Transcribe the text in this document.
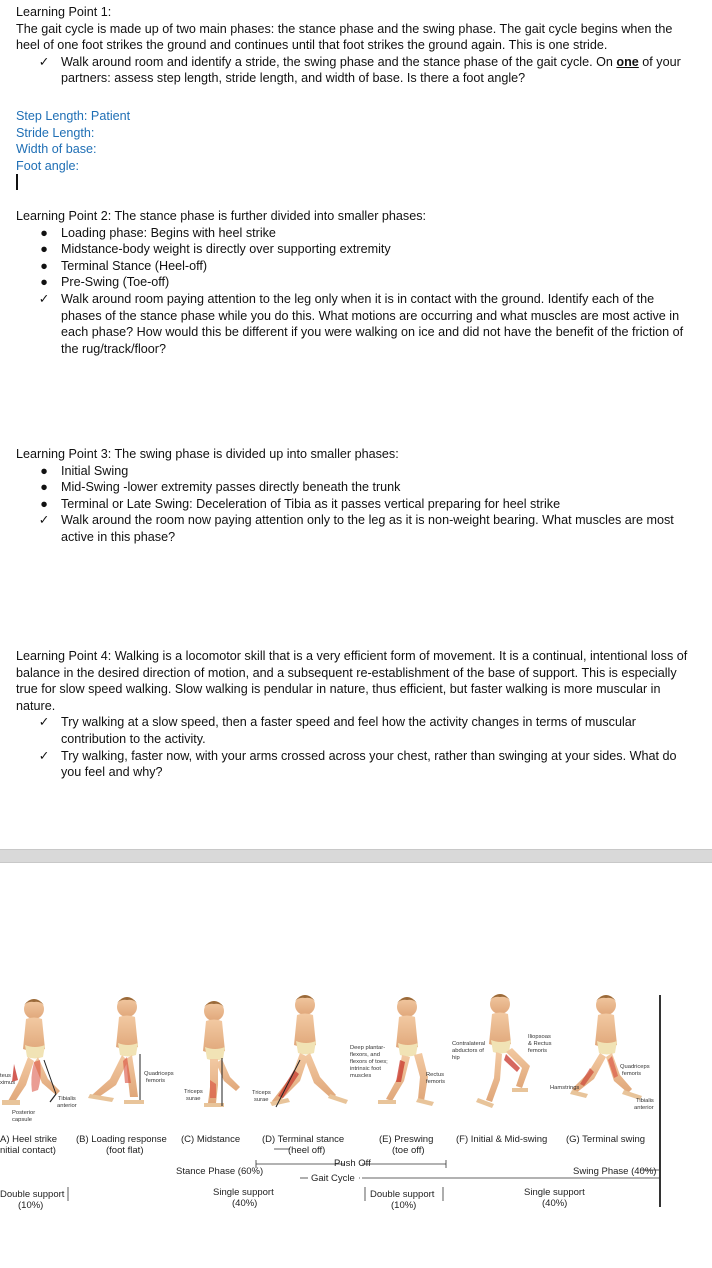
Learning Point 1:

The gait cycle is made up of two main phases: the stance phase and the swing phase. The gait cycle begins when the heel of one foot strikes the ground and continues until that foot strikes the ground again. This is one stride.

✓ Walk around room and identify a stride, the swing phase and the stance phase of the gait cycle. On one of your partners: assess step length, stride length, and width of base. Is there a foot angle?
Step Length: Patient
Stride Length:
Width of base:
Foot angle:

Learning Point 2: The stance phase is further divided into smaller phases:

●	Loading phase: Begins with heel strike
●	Midstance-body weight is directly over supporting extremity
●	Terminal Stance (Heel-off)
●	Pre-Swing (Toe-off)
✓ Walk around room paying attention to the leg only when it is in contact with the ground. Identify each of the phases of the stance phase while you do this. What motions are occurring and what muscles are most active in each phase? How would this be different if you were walking on ice and did not have the benefit of the friction of the rug/track/floor?

Learning Point 3: The swing phase is divided up into smaller phases:

●	Initial Swing
●	Mid-Swing -lower extremity passes directly beneath the trunk
●	Terminal or Late Swing: Deceleration of Tibia as it passes vertical preparing for heel strike
✓ Walk around the room now paying attention only to the leg as it is non-weight bearing. What muscles are most active in this phase?

Learning Point 4: Walking is a locomotor skill that is a very efficient form of movement. It is a continual, intentional loss of balance in the desired direction of motion, and a subsequent re-establishment of the base of support. This is especially true for slow speed walking. Slow walking is pendular in nature, thus efficient, but faster walking is more muscular in nature.

✓ Try walking at a slow speed, then a faster speed and feel how the activity changes in terms of muscular contribution to the activity.
✓ Try walking, faster now, with your arms crossed across your chest, rather than swinging at your sides. What do you feel and why?
teus
ximus
Tibialis
anterior
Posterior
capsule
Quadriceps
femoris
Triceps
surae
Triceps
surae
Deep plantar-
flexors, and
flexors of toes;
intrinsic foot
muscles	Rectus
femoris
Contralateral
abductors of
hip
Iliopsoas
& Rectus
femoris
Hamstrings
Quadriceps
femoris
Tibialis
anterior
A) Heel strike
nitial contact)
(B) Loading response
(foot flat)
(C) Midstance (D) Terminal stance
(heel off)
(E) Preswing
(toe off)
(F) Initial & Mid-swing (G) Terminal swing
Push Off
Stance Phase (60%)
Gait Cycle
Swing Phase (40%)
Double support
(10%)
Single support
(40%)
Double support
(10%)
Single support
(40%)
